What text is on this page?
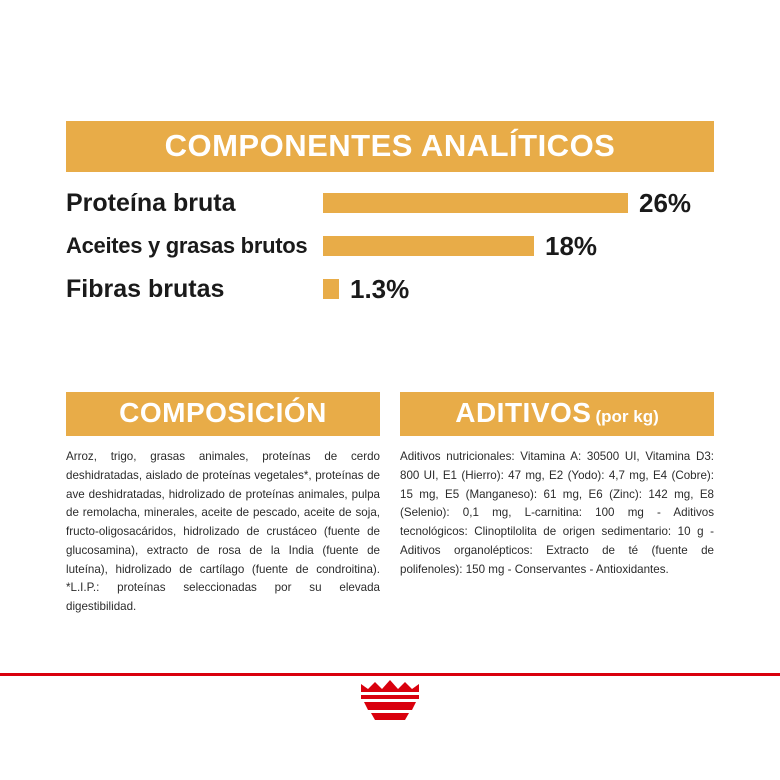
COMPONENTES ANALÍTICOS
Proteína bruta	26%
Aceites y grasas brutos	18%
Fibras brutas	1.3%
COMPOSICIÓN
Arroz, trigo, grasas animales, proteínas de cerdo deshidratadas, aislado de proteínas vegetales*, proteínas de ave deshidratadas, hidrolizado de proteínas animales, pulpa de remolacha, minerales, aceite de pescado, aceite de soja, fructo-oligosacáridos, hidrolizado de crustáceo (fuente de glucosamina), extracto de rosa de la India (fuente de luteína), hidrolizado de cartílago (fuente de condroitina). *L.I.P.: proteínas seleccionadas por su elevada digestibilidad.
ADITIVOS (por kg)
Aditivos nutricionales: Vitamina A: 30500 UI, Vitamina D3: 800 UI, E1 (Hierro): 47 mg, E2 (Yodo): 4,7 mg, E4 (Cobre): 15 mg, E5 (Manganeso): 61 mg, E6 (Zinc): 142 mg, E8 (Selenio): 0,1 mg, L-carnitina: 100 mg - Aditivos tecnológicos: Clinoptilolita de origen sedimentario: 10 g - Aditivos organolépticos: Extracto de té (fuente de polifenoles): 150 mg - Conservantes - Antioxidantes.
